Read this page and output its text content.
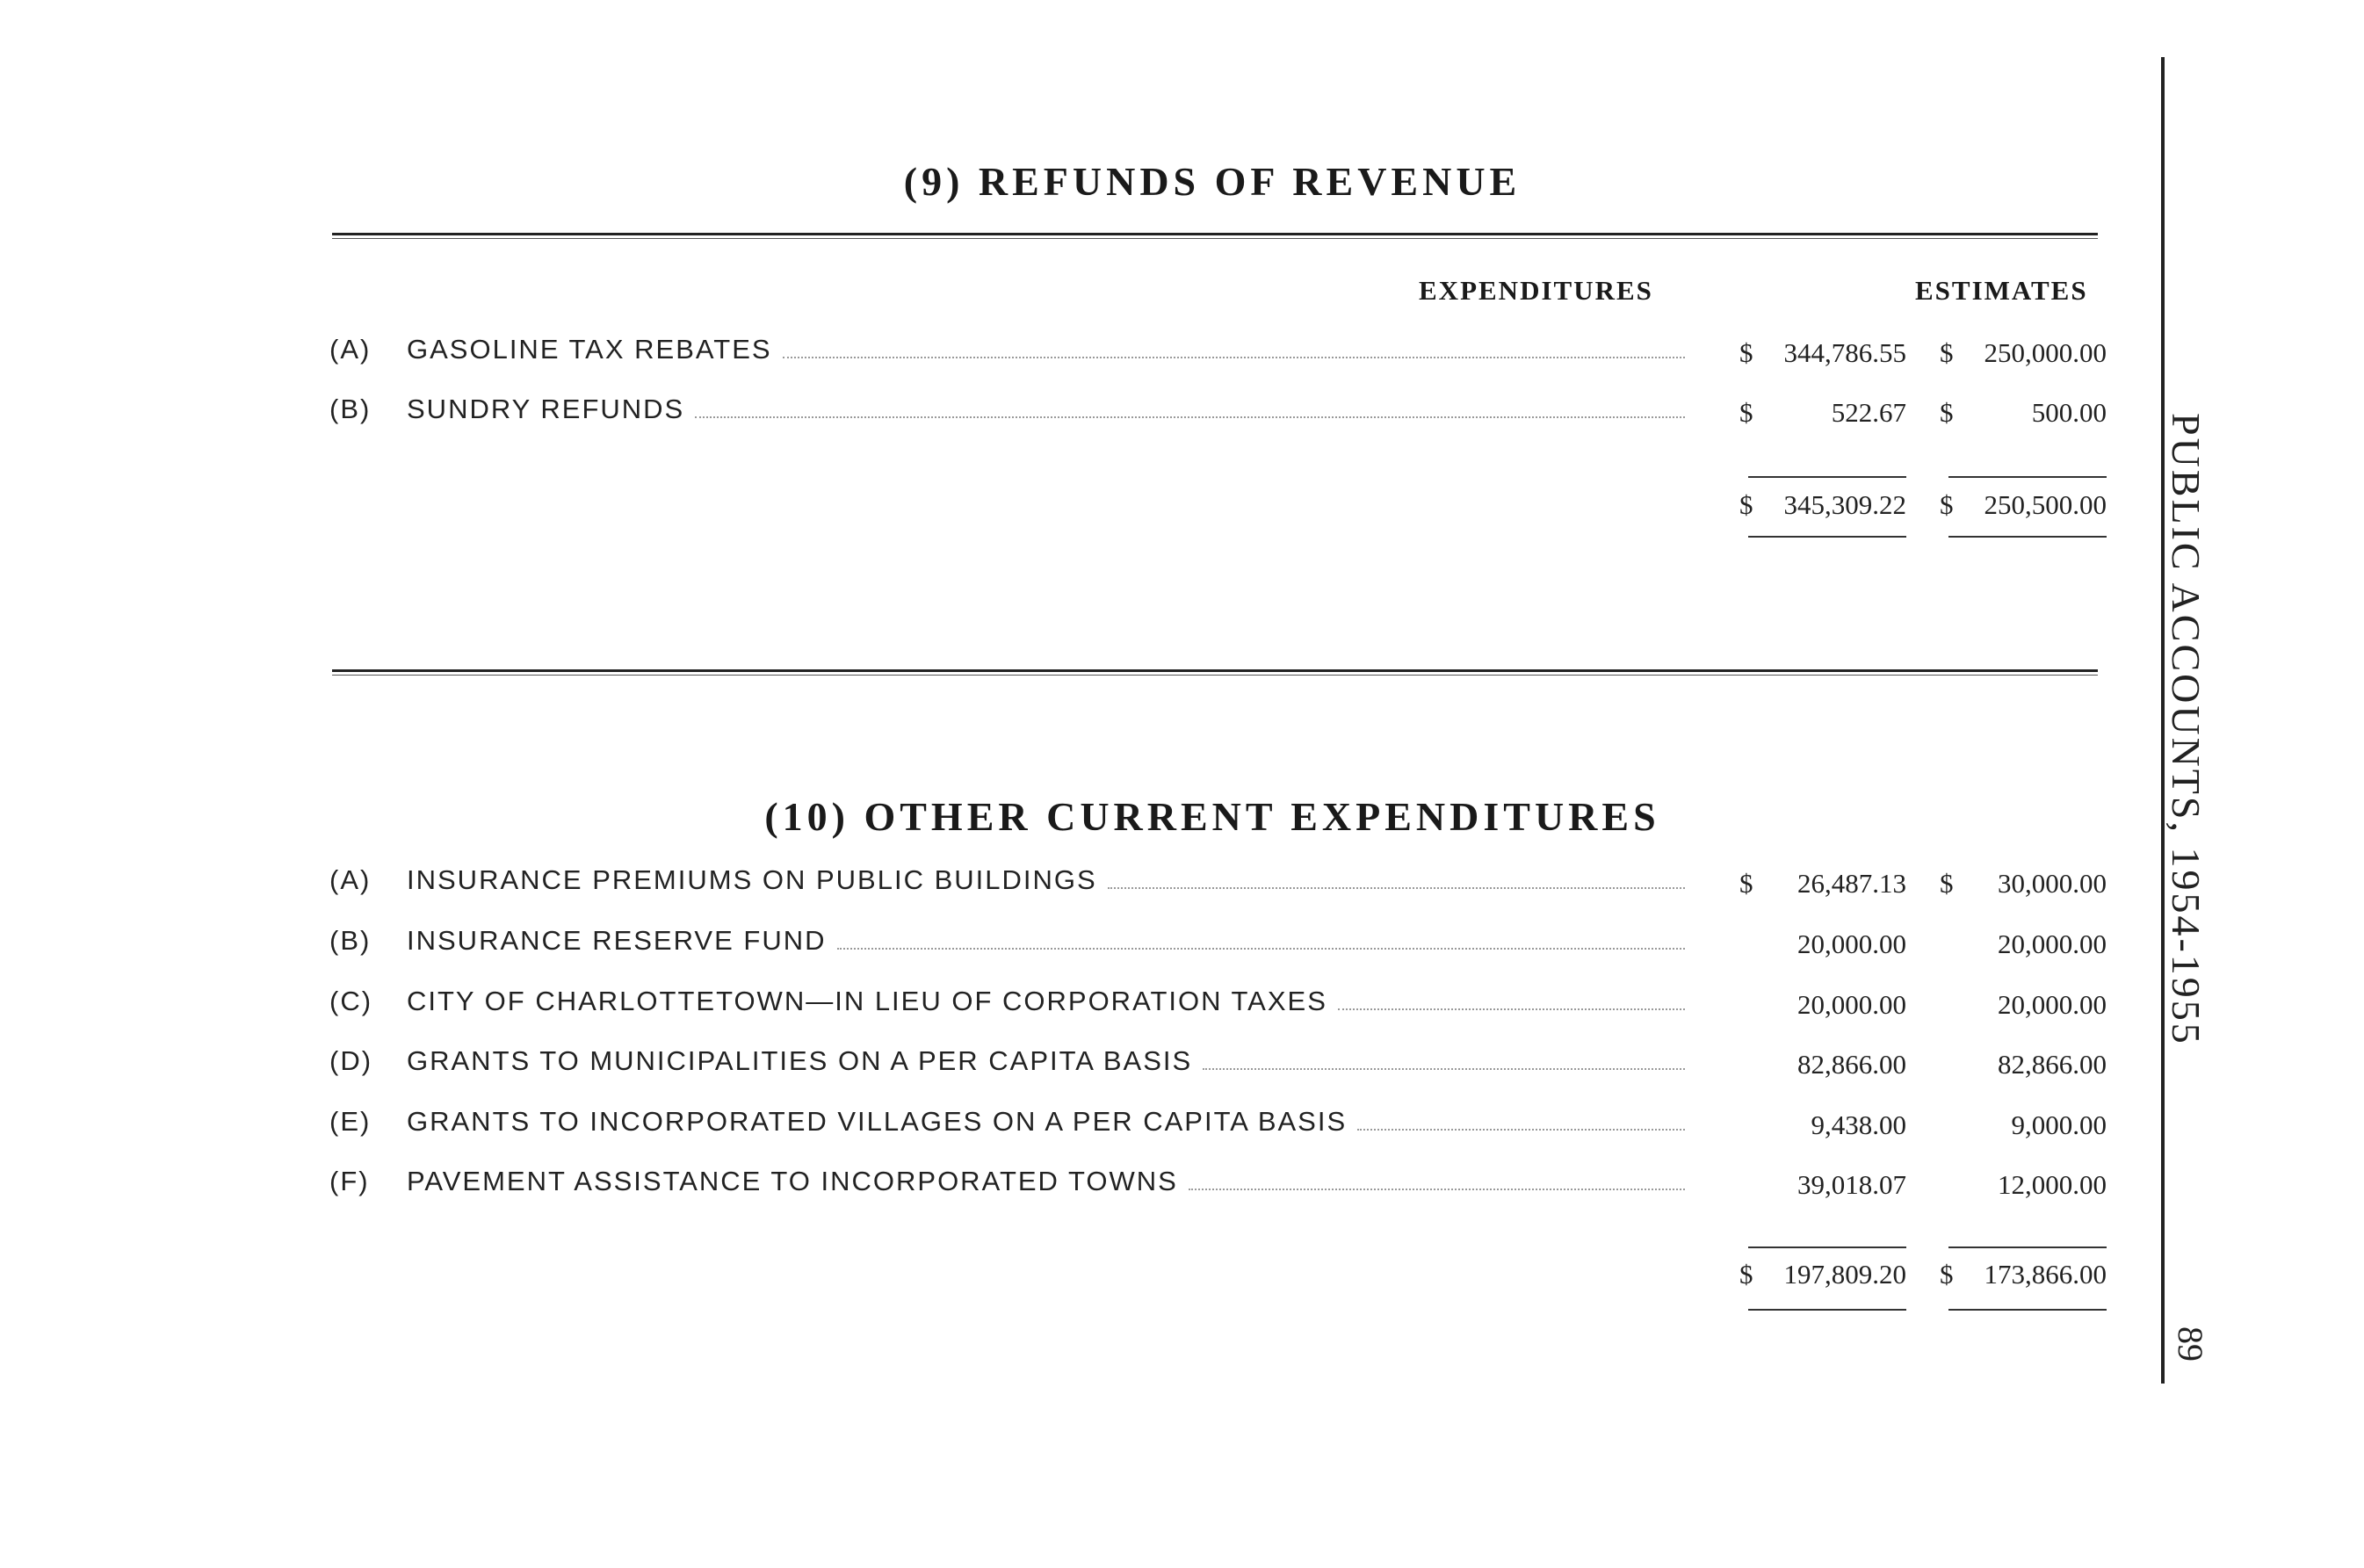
(9) REFUNDS OF REVENUE
EXPENDITURES	ESTIMATES
(A)	GASOLINE TAX REBATES	$ 344,786.55 $ 250,000.00
(B)	SUNDRY REFUNDS	$	522.67 $	500.00
$ 345,309.22 $ 250,500.00
(10) OTHER CURRENT EXPENDITURES
(A)	INSURANCE PREMIUMS ON PUBLIC BUILDINGS	$ 26,487.13 $ 30,000.00
(B)	INSURANCE RESERVE FUND	20,000.00	20,000.00
(C)	CITY OF CHARLOTTETOWN—IN LIEU OF CORPORATION TAXES	20,000.00	20,000.00
(D)	GRANTS TO MUNICIPALITIES ON A PER CAPITA BASIS	82,866.00	82,866.00
(E)	GRANTS TO INCORPORATED VILLAGES ON A PER CAPITA BASIS	9,438.00	9,000.00
(F)	PAVEMENT ASSISTANCE TO INCORPORATED TOWNS	39,018.07	12,000.00
$ 197,809.20 $ 173,866.00
PUBLIC ACCOUNTS, 1954-1955
89
